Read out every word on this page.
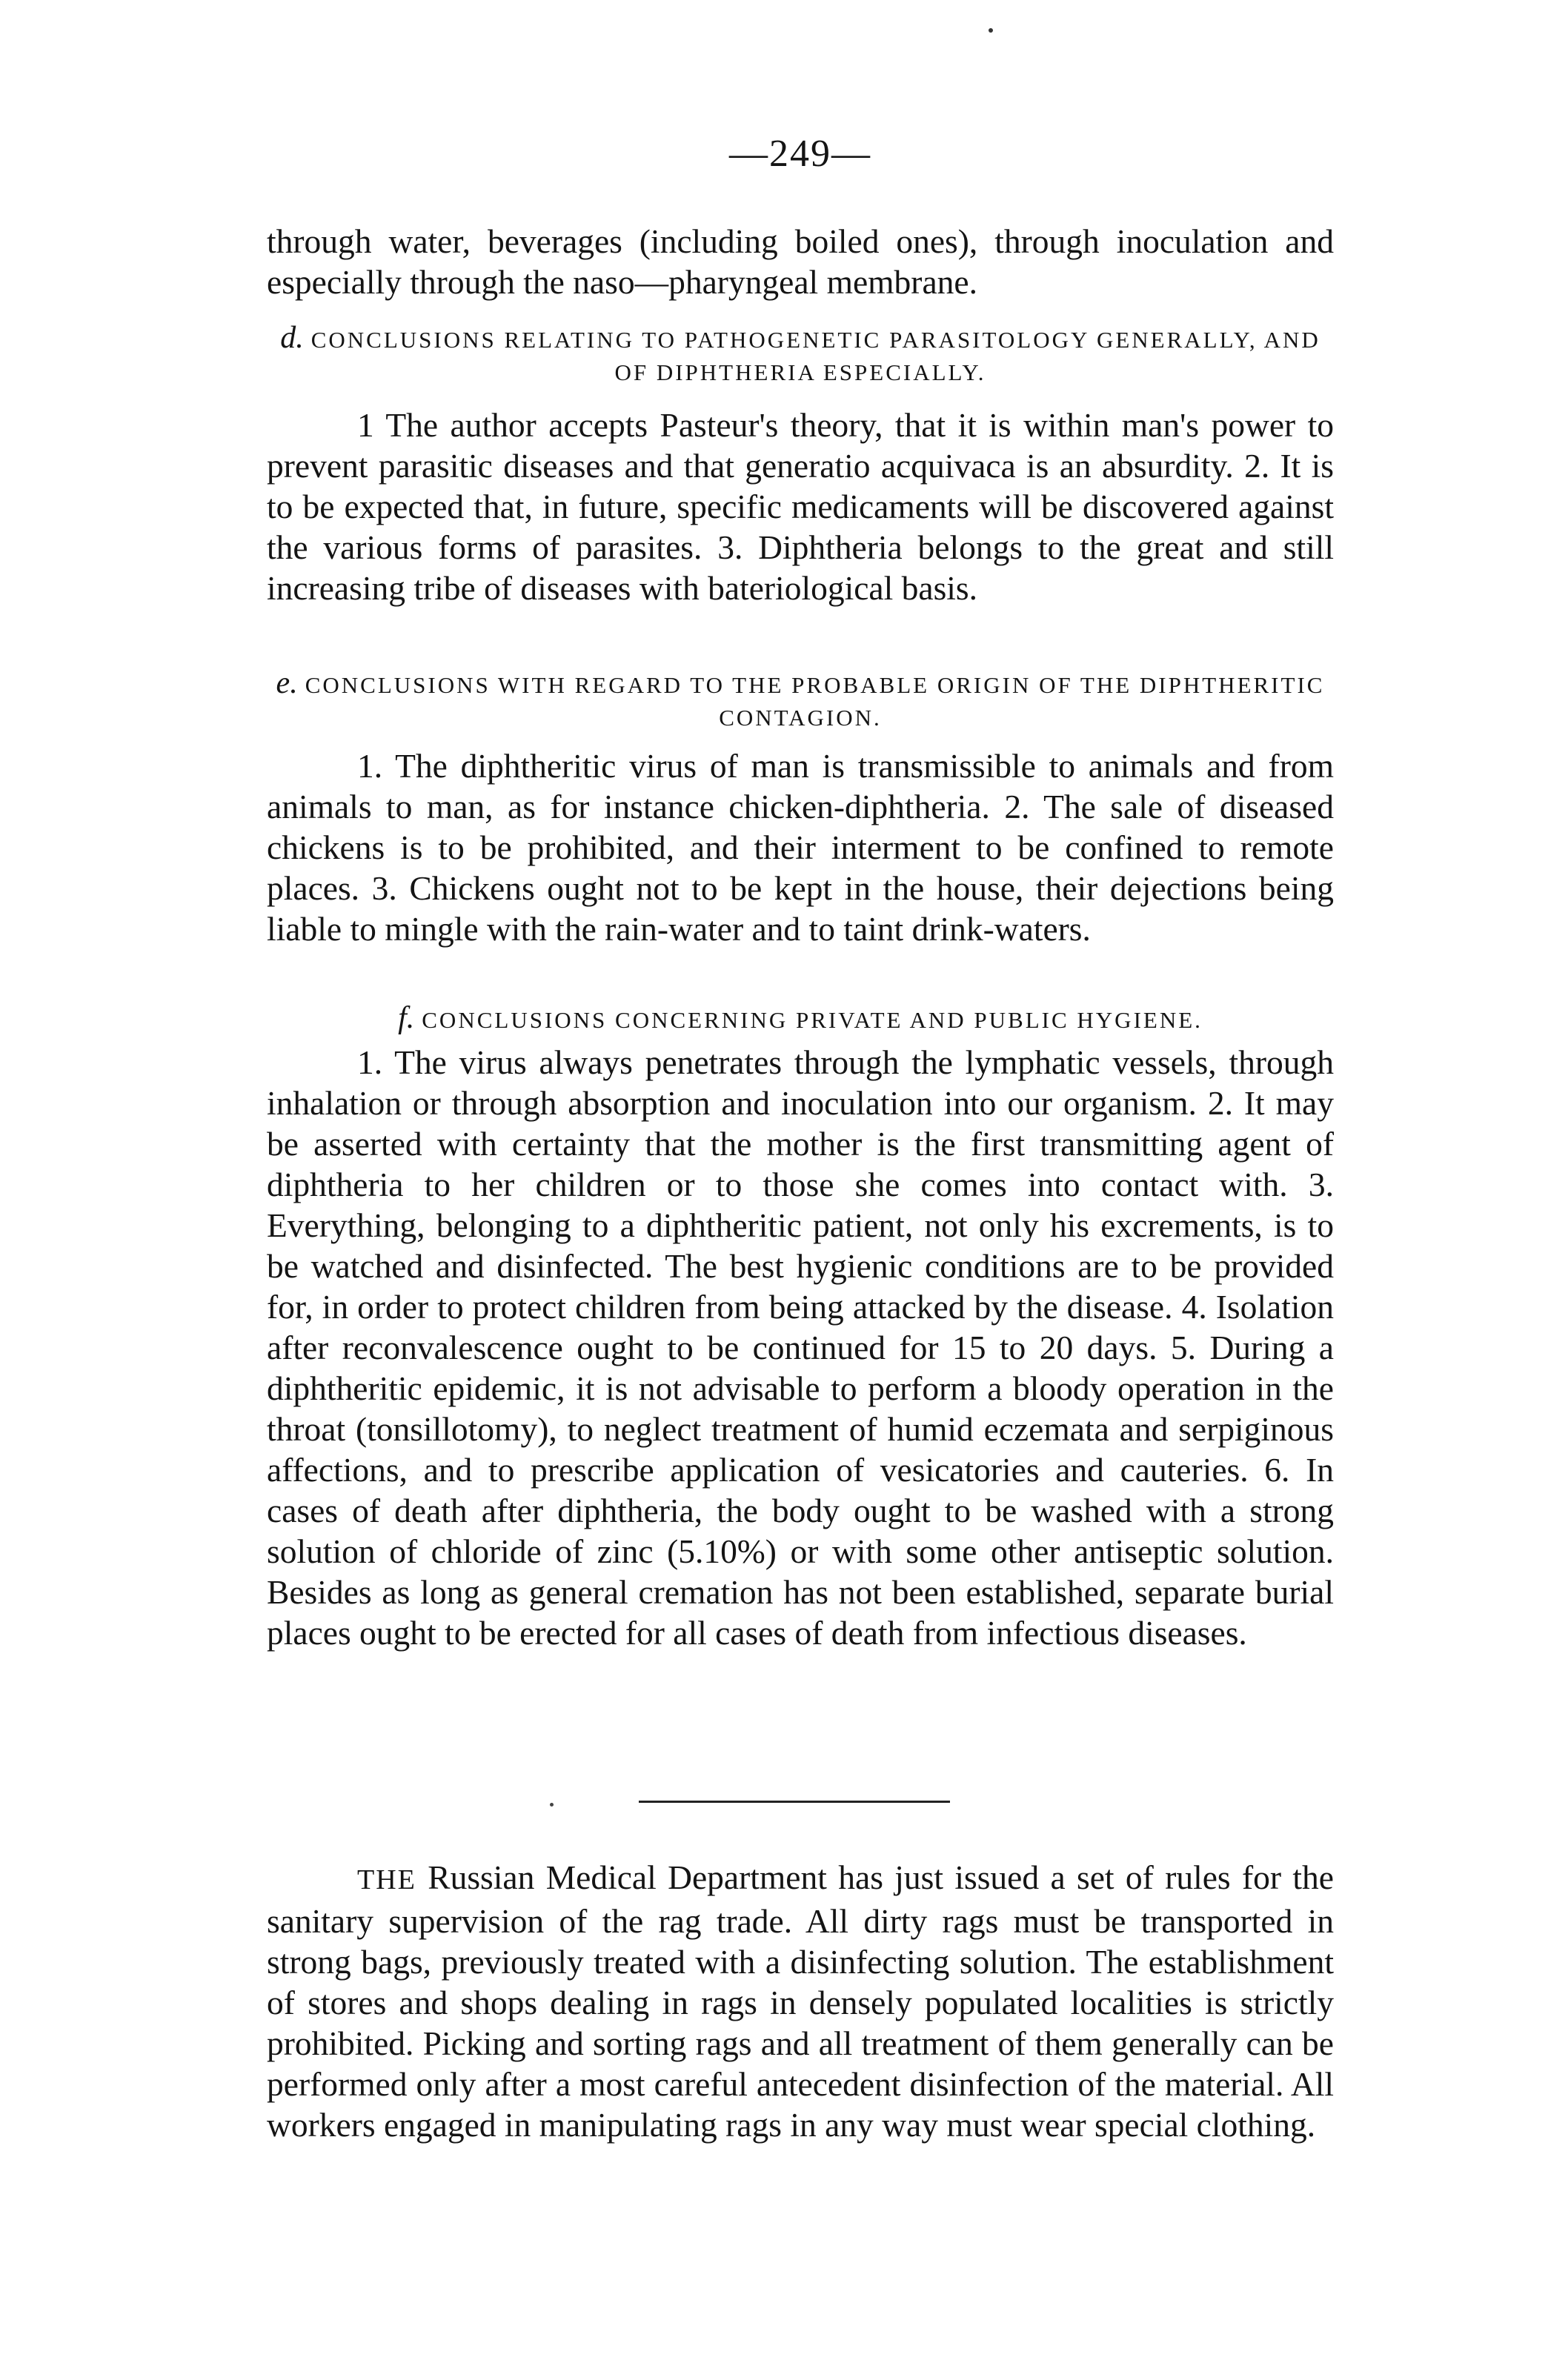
—249—

through water, beverages (including boiled ones), through inoculation and especially through the naso—pharyngeal membrane.

d. CONCLUSIONS RELATING TO PATHOGENETIC PARASITOLOGY GENERALLY, AND OF DIPHTHERIA ESPECIALLY.

1 The author accepts Pasteur's theory, that it is within man's power to prevent parasitic diseases and that generatio acquivaca is an absurdity. 2. It is to be expected that, in future, specific medicaments will be discovered against the various forms of parasites. 3. Diphtheria belongs to the great and still increasing tribe of diseases with bateriological basis.

e. CONCLUSIONS WITH REGARD TO THE PROBABLE ORIGIN OF THE DIPHTHERITIC CONTAGION.

1. The diphtheritic virus of man is transmissible to animals and from animals to man, as for instance chicken-diphtheria. 2. The sale of diseased chickens is to be prohibited, and their interment to be confined to remote places. 3. Chickens ought not to be kept in the house, their dejections being liable to mingle with the rain-water and to taint drink-waters.

f. CONCLUSIONS CONCERNING PRIVATE AND PUBLIC HYGIENE.

1. The virus always penetrates through the lymphatic vessels, through inhalation or through absorption and inoculation into our organism. 2. It may be asserted with certainty that the mother is the first transmitting agent of diphtheria to her children or to those she comes into contact with. 3. Everything, belonging to a diphtheritic patient, not only his excrements, is to be watched and disinfected. The best hygienic conditions are to be provided for, in order to protect children from being attacked by the disease. 4. Isolation after reconvalescence ought to be continued for 15 to 20 days. 5. During a diphtheritic epidemic, it is not advisable to perform a bloody operation in the throat (tonsillotomy), to neglect treatment of humid eczemata and serpiginous affections, and to prescribe application of vesicatories and cauteries. 6. In cases of death after diphtheria, the body ought to be washed with a strong solution of chloride of zinc (5.10%) or with some other antiseptic solution. Besides as long as general cremation has not been established, separate burial places ought to be erected for all cases of death from infectious diseases.

THE Russian Medical Department has just issued a set of rules for the sanitary supervision of the rag trade. All dirty rags must be transported in strong bags, previously treated with a disinfecting solution. The establishment of stores and shops dealing in rags in densely populated localities is strictly prohibited. Picking and sorting rags and all treatment of them generally can be performed only after a most careful antecedent disinfection of the material. All workers engaged in manipulating rags in any way must wear special clothing.
